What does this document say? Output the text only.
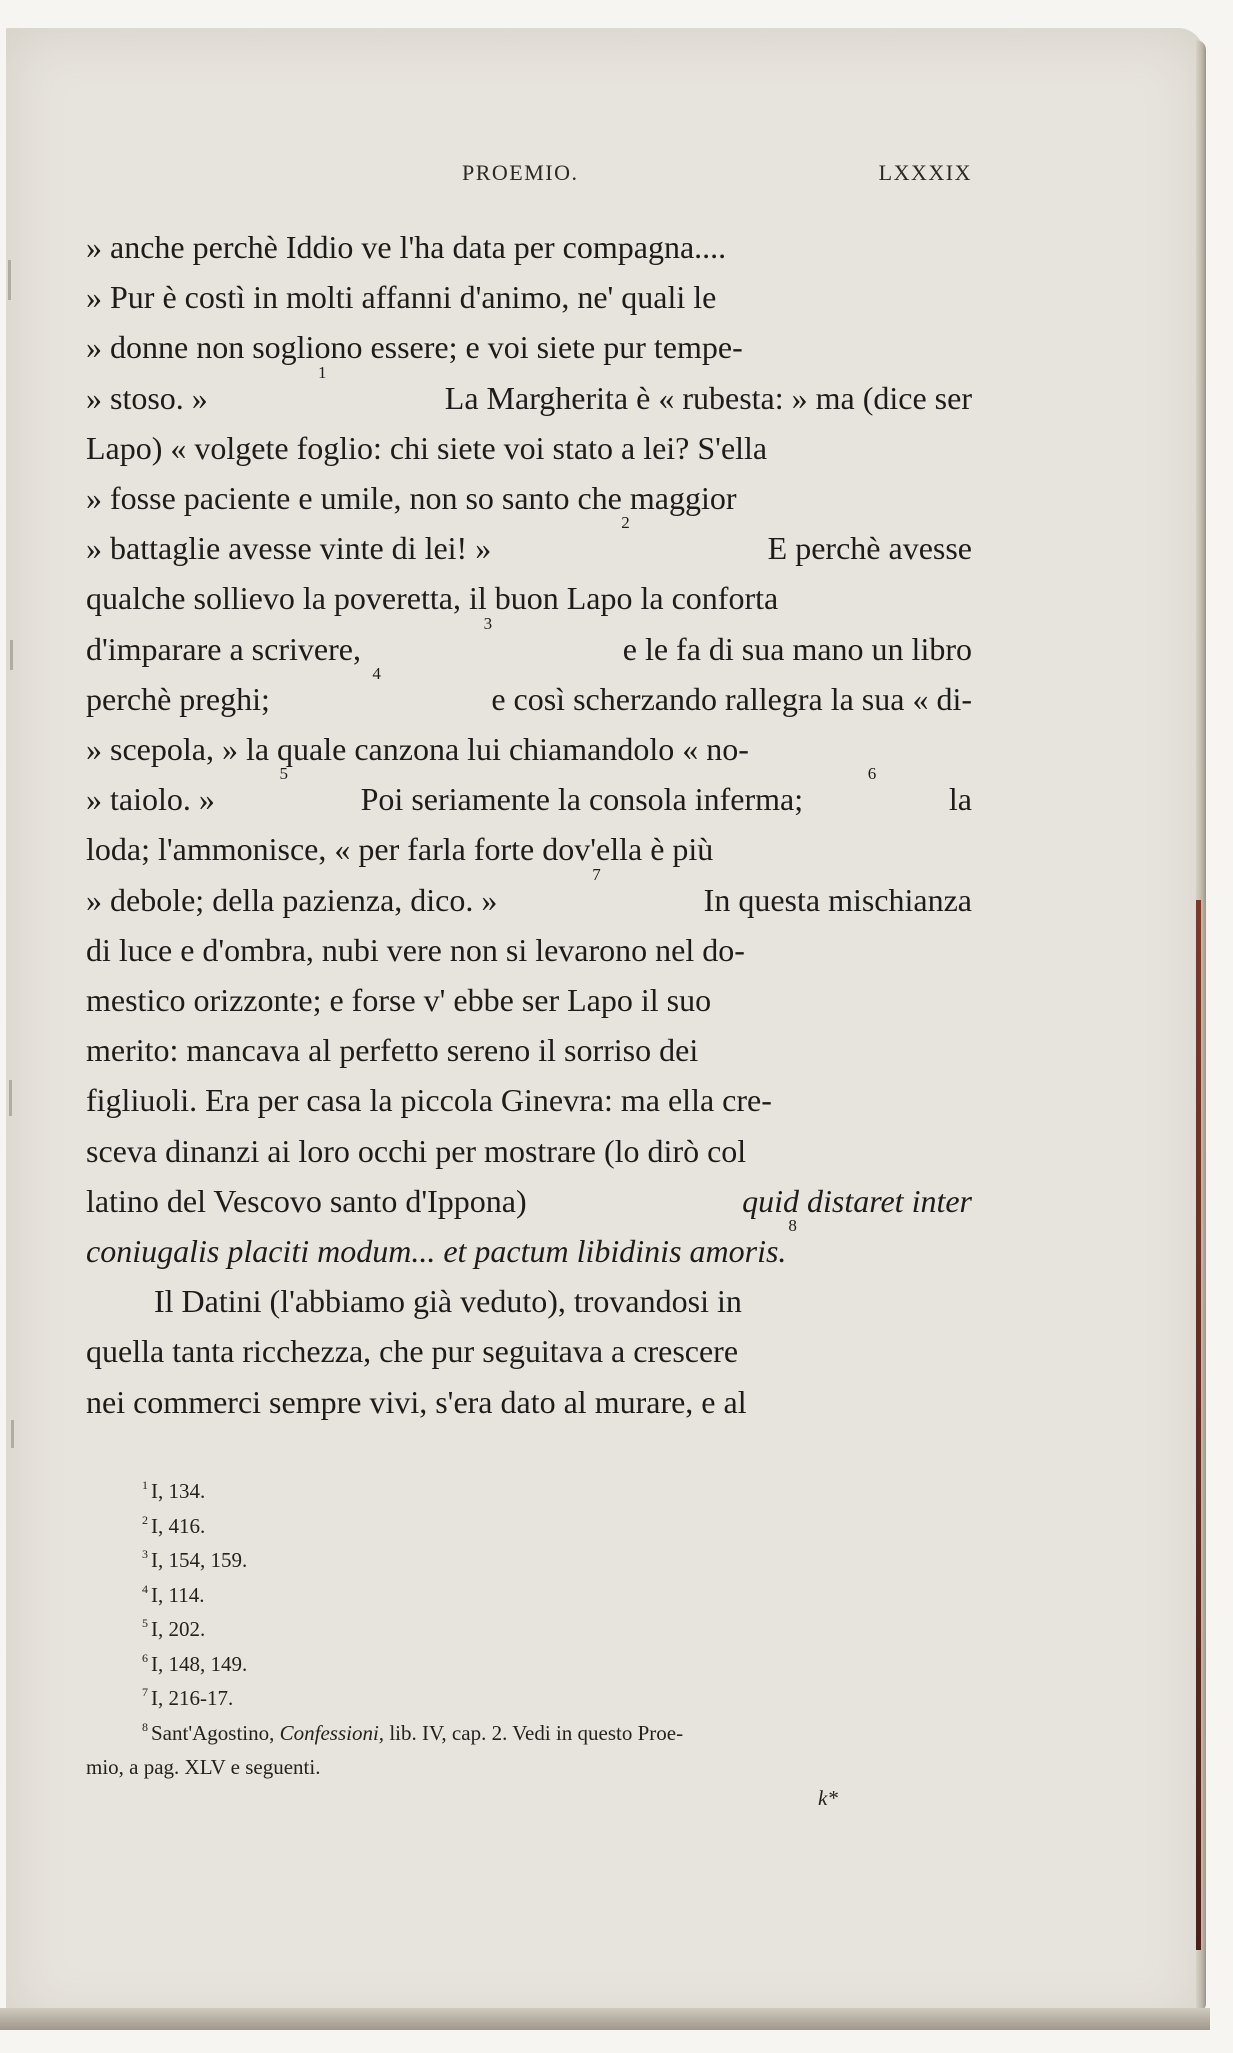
PROEMIO.	LXXXIX
» anche perchè Iddio ve l'ha data per compagna....
» Pur è costì in molti affanni d'animo, ne' quali le
» donne non sogliono essere; e voi siete pur tempe-
» stoso. »
1
La Margherita è « rubesta: » ma (dice ser
Lapo) « volgete foglio: chi siete voi stato a lei? S'ella
» fosse paciente e umile, non so santo che maggior
» battaglie avesse vinte di lei! »
2
E perchè avesse
qualche sollievo la poveretta, il buon Lapo la conforta
d'imparare a scrivere,
3
e le fa di sua mano un libro
perchè preghi;
4
e così scherzando rallegra la sua « di-
» scepola, » la quale canzona lui chiamandolo « no-
» taiolo. »
5
Poi seriamente la consola inferma;
6
la
loda; l'ammonisce, « per farla forte dov'ella è più
» debole; della pazienza, dico. »
7
In questa mischianza
di luce e d'ombra, nubi vere non si levarono nel do-
mestico orizzonte; e forse v' ebbe ser Lapo il suo
merito: mancava al perfetto sereno il sorriso dei
figliuoli. Era per casa la piccola Ginevra: ma ella cre-
sceva dinanzi ai loro occhi per mostrare (lo dirò col
latino del Vescovo santo d'Ippona)	quid distaret inter
coniugalis placiti modum... et pactum libidinis amoris.
8
Il Datini (l'abbiamo già veduto), trovandosi in
quella tanta ricchezza, che pur seguitava a crescere
nei commerci sempre vivi, s'era dato al murare, e al
$^1$ I, 134.
$^2$ I, 416.
$^3$ I, 154, 159.
$^4$ I, 114.
$^5$ I, 202.
$^6$ I, 148, 149.
$^7$ I, 216-17.
$^8$ Sant'Agostino, Confessioni, lib. IV, cap. 2. Vedi in questo Proe-
mio, a pag. XLV e seguenti.
k*
